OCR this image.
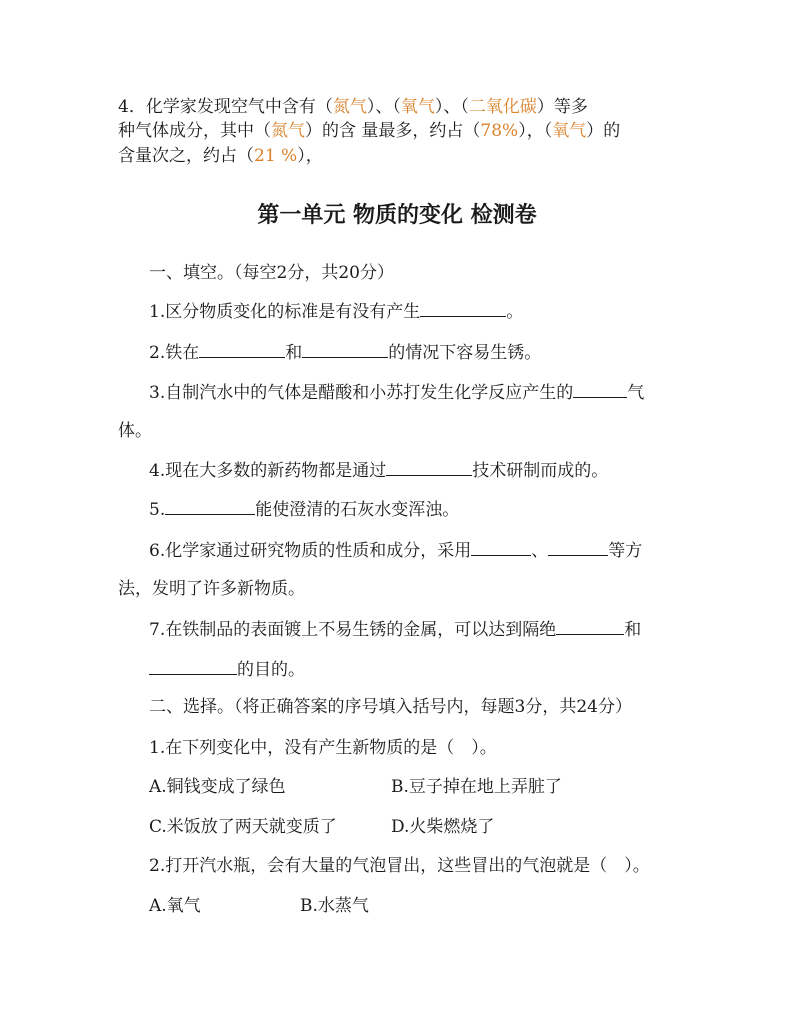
4．化学家发现空气中含有（氮气）、（氧气）、（二氧化碳）等多
种气体成分，其中（氮气）的含 量最多，约占（78%），（氧气）的
含量次之，约占（21 %），
第一单元 物质的变化 检测卷
一、填空。（每空2分，共20分）
1.区分物质变化的标准是有没有产生	。
2.铁在	和	的情况下容易生锈。
3.自制汽水中的气体是醋酸和小苏打发生化学反应产生的	气
体。
4.现在大多数的新药物都是通过	技术研制而成的。
5.	能使澄清的石灰水变浑浊。
6.化学家通过研究物质的性质和成分，采用	、	等方
法，发明了许多新物质。
7.在铁制品的表面镀上不易生锈的金属，可以达到隔绝	和
的目的。
二、选择。（将正确答案的序号填入括号内，每题3分，共24分）
1.在下列变化中，没有产生新物质的是（　）。
A.铜钱变成了绿色	B.豆子掉在地上弄脏了
C.米饭放了两天就变质了	D.火柴燃烧了
2.打开汽水瓶，会有大量的气泡冒出，这些冒出的气泡就是（　）。
A.氧气	B.水蒸气
